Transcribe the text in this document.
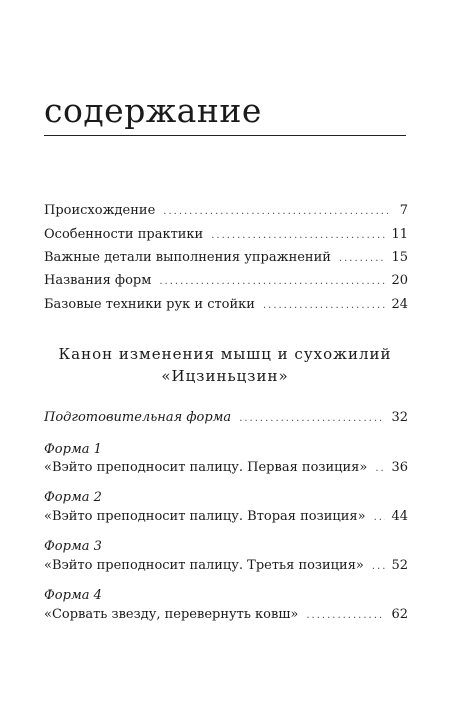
содержание
Происхождение .....	7
Особенности практики .....	11
Важные детали выполнения упражнений .....	15
Названия форм .....	20
Базовые техники рук и стойки .....	24
Канон изменения мышц и сухожилий
«Ицзиньцзин»
Подготовительная форма .....	32
Форма 1
«Вэйто преподносит палицу. Первая позиция» ..... 36
Форма 2
«Вэйто преподносит палицу. Вторая позиция» ..... 44
Форма 3
«Вэйто преподносит палицу. Третья позиция» ..... 52
Форма 4
«Сорвать звезду, перевернуть ковш» .....	62
